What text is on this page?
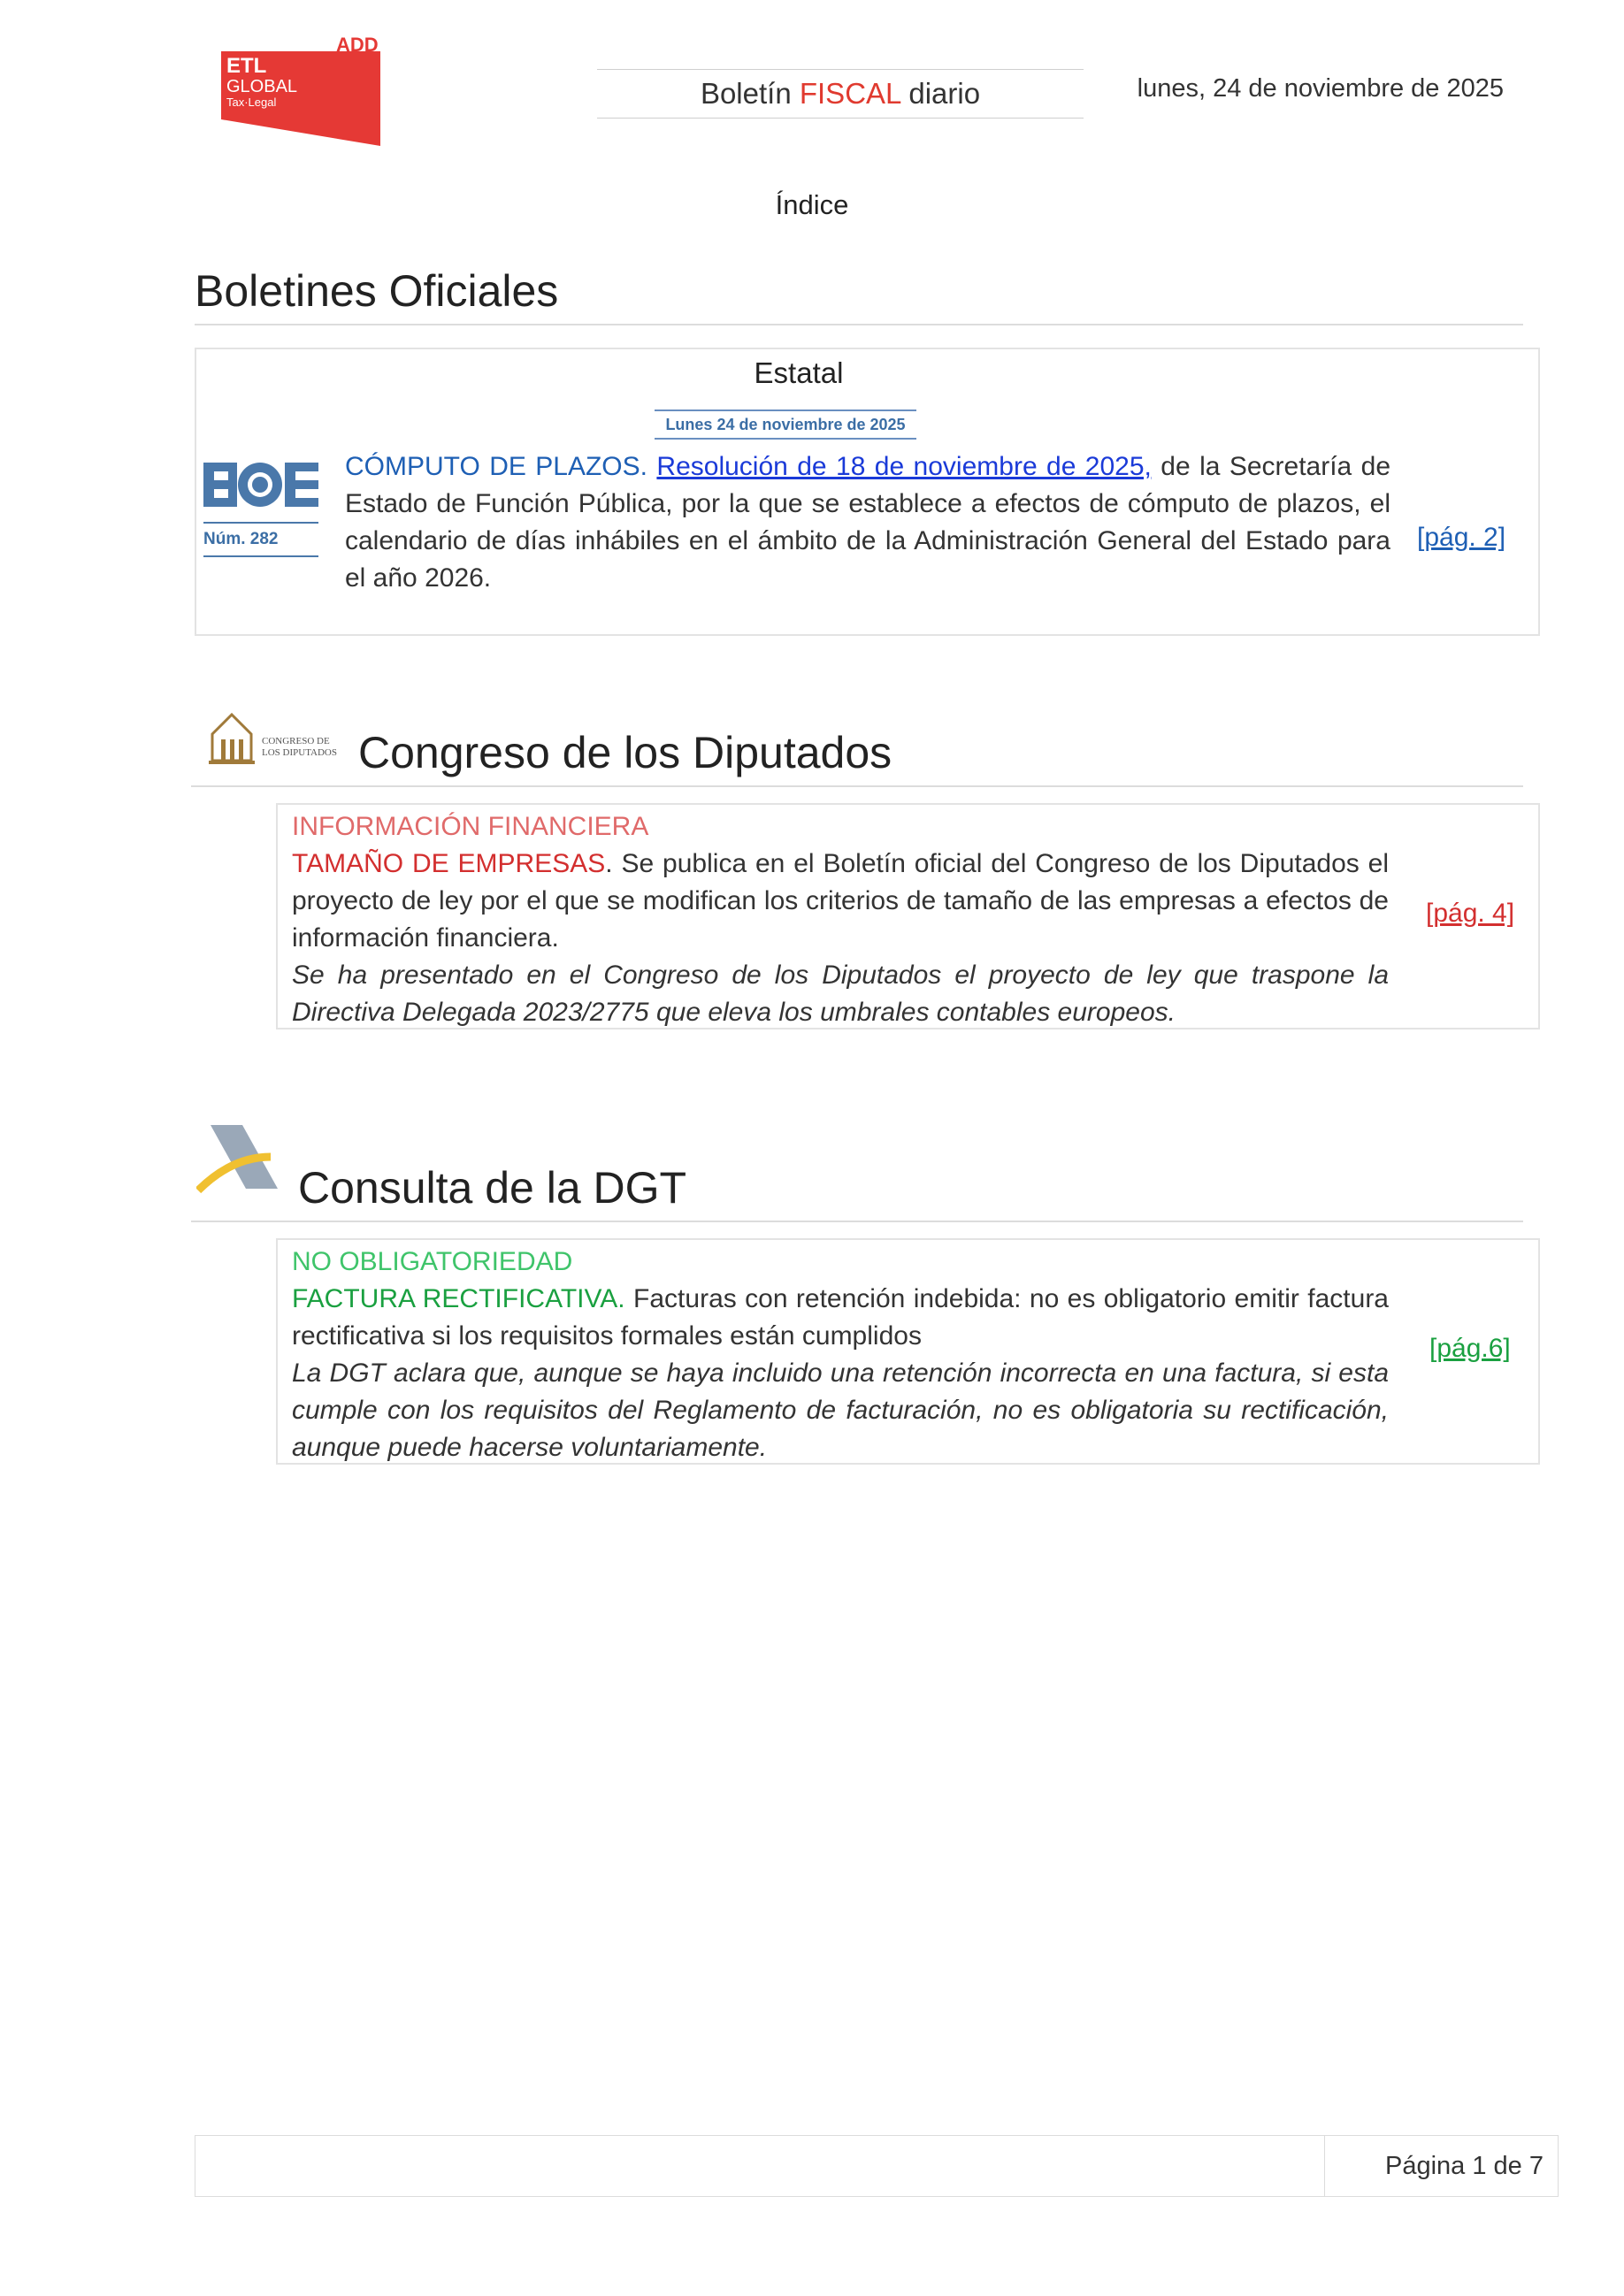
ADD
ETL
GLOBAL
Tax·Legal	Boletín FISCAL diario	lunes, 24 de noviembre de 2025
Índice
Boletines Oficiales
Estatal
Lunes 24 de noviembre de 2025
Núm. 282
CÓMPUTO DE PLAZOS. Resolución de 18 de noviembre de 2025, de la Secretaría de Estado de Función Pública, por la que se establece a efectos de cómputo de plazos, el calendario de días inhábiles en el ámbito de la Administración General del Estado para el año 2026.
[pág. 2]
CONGRESO DE
LOS DIPUTADOS Congreso de los Diputados
INFORMACIÓN FINANCIERA
TAMAÑO DE EMPRESAS. Se publica en el Boletín oficial del Congreso de los Diputados el proyecto de ley por el que se modifican los criterios de tamaño de las empresas a efectos de información financiera.
Se ha presentado en el Congreso de los Diputados el proyecto de ley que traspone la Directiva Delegada 2023/2775 que eleva los umbrales contables europeos.
[pág. 4]
Consulta de la DGT
NO OBLIGATORIEDAD
FACTURA RECTIFICATIVA. Facturas con retención indebida: no es obligatorio emitir factura rectificativa si los requisitos formales están cumplidos
La DGT aclara que, aunque se haya incluido una retención incorrecta en una factura, si esta cumple con los requisitos del Reglamento de facturación, no es obligatoria su rectificación, aunque puede hacerse voluntariamente.
[pág.6]
Página 1 de 7
